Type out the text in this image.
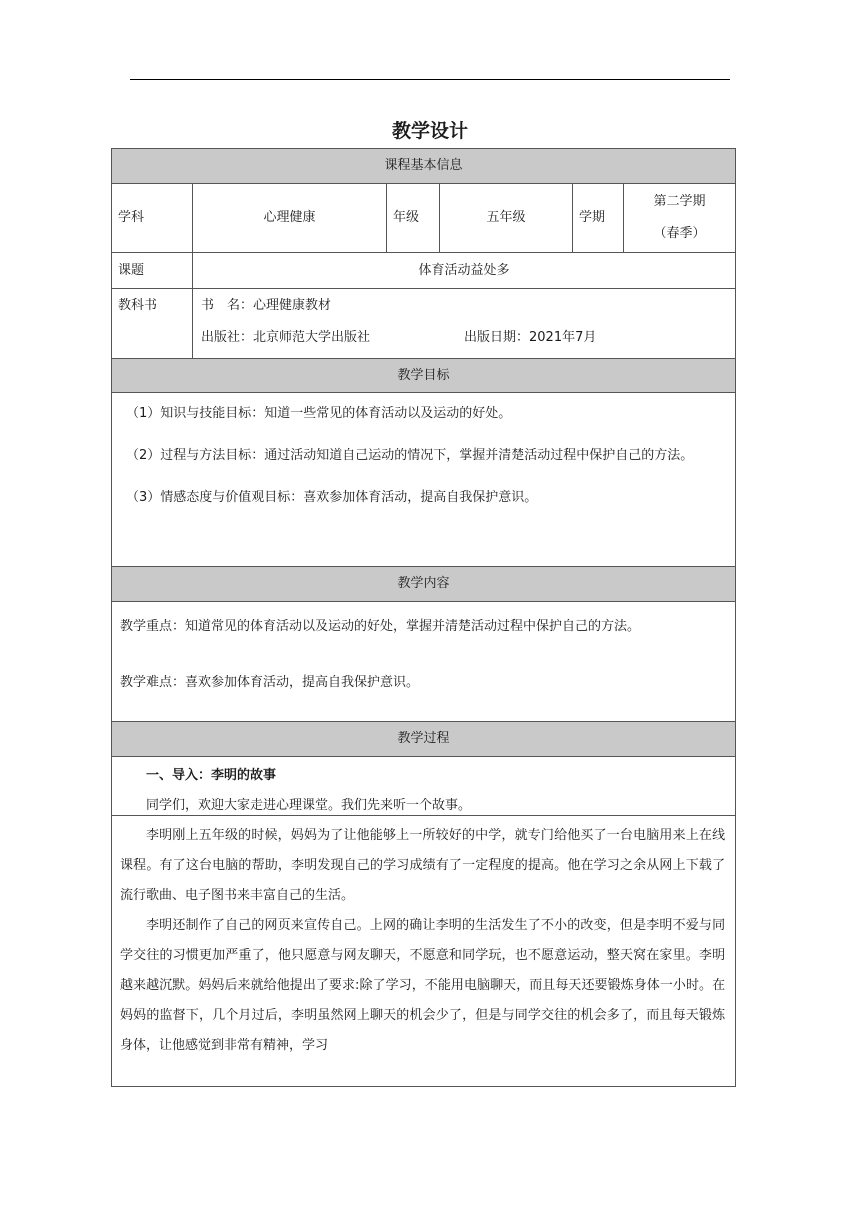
教学设计
课程基本信息					
学科	心理健康	年级	五年级	学期	第二学期
（春季）

课题	体育活动益处多				
教科书	书　名：心理健康教材
出版社：北京师范大学出版社 出版日期：2021年7月				

教学目标					

（1）知识与技能目标：知道一些常见的体育活动以及运动的好处。

（2）过程与方法目标：通过活动知道自己运动的情况下，掌握并清楚活动过程中保护自己的方法。

（3）情感态度与价值观目标：喜欢参加体育活动，提高自我保护意识。					

教学内容					

教学重点：知道常见的体育活动以及运动的好处，掌握并清楚活动过程中保护自己的方法。

教学难点：喜欢参加体育活动，提高自我保护意识。					

教学过程					

一、导入：李明的故事

同学们，欢迎大家走进心理课堂。我们先来听一个故事。

李明刚上五年级的时候，妈妈为了让他能够上一所较好的中学，就专门给他买了一台电脑用来上在线课程。有了这台电脑的帮助，李明发现自己的学习成绩有了一定程度的提高。他在学习之余从网上下载了流行歌曲、电子图书来丰富自己的生活。

李明还制作了自己的网页来宣传自己。上网的确让李明的生活发生了不小的改变，但是李明不爱与同学交往的习惯更加严重了，他只愿意与网友聊天，不愿意和同学玩，也不愿意运动，整天窝在家里。李明越来越沉默。妈妈后来就给他提出了要求:除了学习，不能用电脑聊天，而且每天还要锻炼身体一小时。在妈妈的监督下，几个月过后，李明虽然网上聊天的机会少了，但是与同学交往的机会多了，而且每天锻炼身体，让他感觉到非常有精神，学习					
